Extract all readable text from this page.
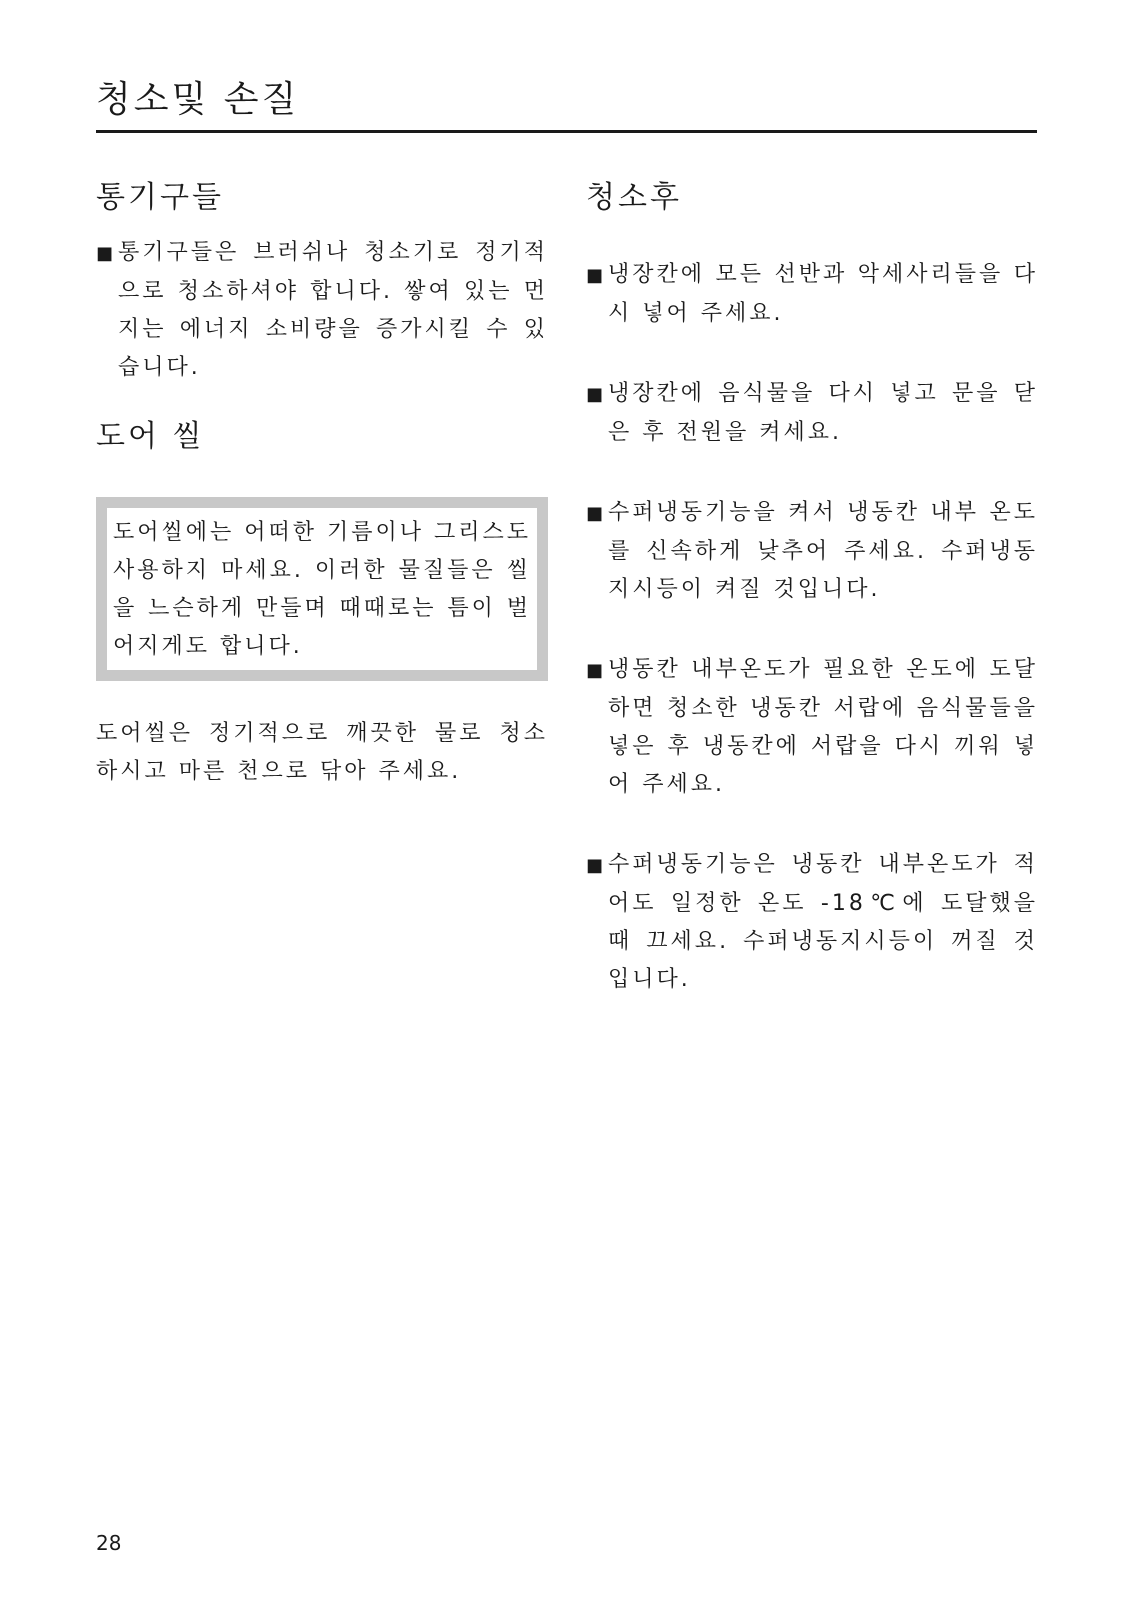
청소및 손질
통기구들

■ 통기구들은 브러쉬나 청소기로 정기적으로 청소하셔야 합니다. 쌓여 있는 먼지는 에너지 소비량을 증가시킬 수 있습니다.

도어 씰

도어씰에는 어떠한 기름이나 그리스도 사용하지 마세요. 이러한 물질들은 씰을 느슨하게 만들며 때때로는 틈이 벌어지게도 합니다.

도어씰은 정기적으로 깨끗한 물로 청소하시고 마른 천으로 닦아 주세요.

청소후

■ 냉장칸에 모든 선반과 악세사리들을 다시 넣어 주세요.

■ 냉장칸에 음식물을 다시 넣고 문을 닫은 후 전원을 켜세요.

■ 수퍼냉동기능을 켜서 냉동칸 내부 온도를 신속하게 낮추어 주세요. 수퍼냉동지시등이 켜질 것입니다.

■ 냉동칸 내부온도가 필요한 온도에 도달하면 청소한 냉동칸 서랍에 음식물들을 넣은 후 냉동칸에 서랍을 다시 끼워 넣어 주세요.

■ 수퍼냉동기능은 냉동칸 내부온도가 적어도 일정한 온도 -18℃에 도달했을 때 끄세요. 수퍼냉동지시등이 꺼질 것입니다.

28
